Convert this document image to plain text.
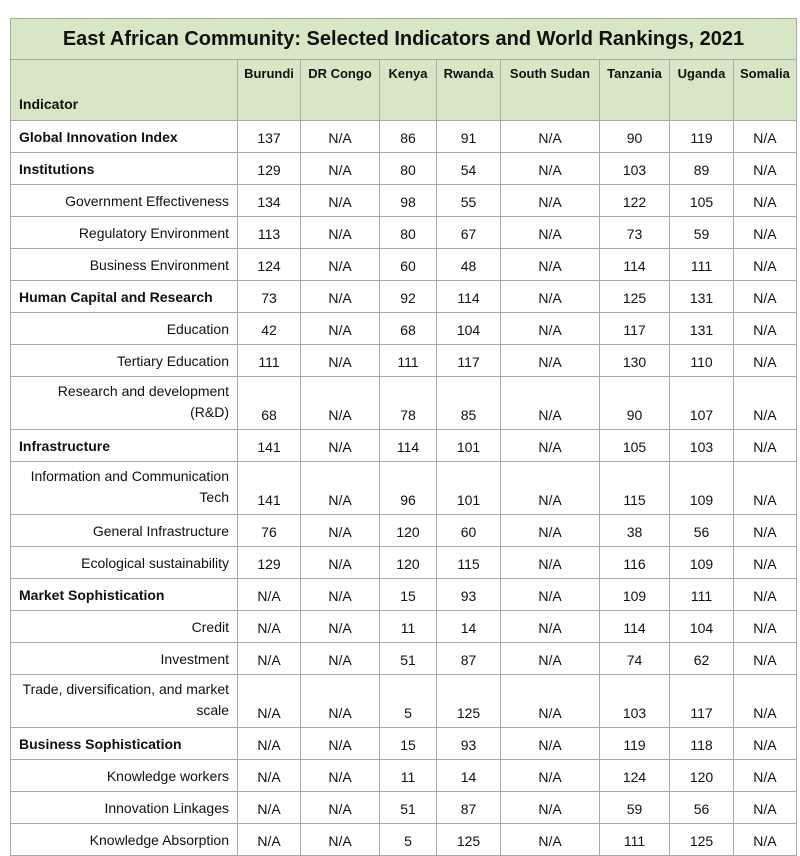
East African Community: Selected Indicators and World Rankings, 2021								
Indicator	Burundi	DR Congo	Kenya	Rwanda	South Sudan	Tanzania	Uganda	Somalia
Global Innovation Index	137	N/A	86	91	N/A	90	119	N/A
Institutions	129	N/A	80	54	N/A	103	89	N/A
Government Effectiveness	134	N/A	98	55	N/A	122	105	N/A
Regulatory Environment	113	N/A	80	67	N/A	73	59	N/A
Business Environment	124	N/A	60	48	N/A	114	111	N/A
Human Capital and Research	73	N/A	92	114	N/A	125	131	N/A
Education	42	N/A	68	104	N/A	117	131	N/A
Tertiary Education	111	N/A	111	117	N/A	130	110	N/A
Research and development (R&D)	68	N/A	78	85	N/A	90	107	N/A
Infrastructure	141	N/A	114	101	N/A	105	103	N/A
Information and Communication Tech	141	N/A	96	101	N/A	115	109	N/A
General Infrastructure	76	N/A	120	60	N/A	38	56	N/A
Ecological sustainability	129	N/A	120	115	N/A	116	109	N/A
Market Sophistication	N/A	N/A	15	93	N/A	109	111	N/A
Credit	N/A	N/A	11	14	N/A	114	104	N/A
Investment	N/A	N/A	51	87	N/A	74	62	N/A
Trade, diversification, and market scale	N/A	N/A	5	125	N/A	103	117	N/A
Business Sophistication	N/A	N/A	15	93	N/A	119	118	N/A
Knowledge workers	N/A	N/A	11	14	N/A	124	120	N/A
Innovation Linkages	N/A	N/A	51	87	N/A	59	56	N/A
Knowledge Absorption	N/A	N/A	5	125	N/A	111	125	N/A
